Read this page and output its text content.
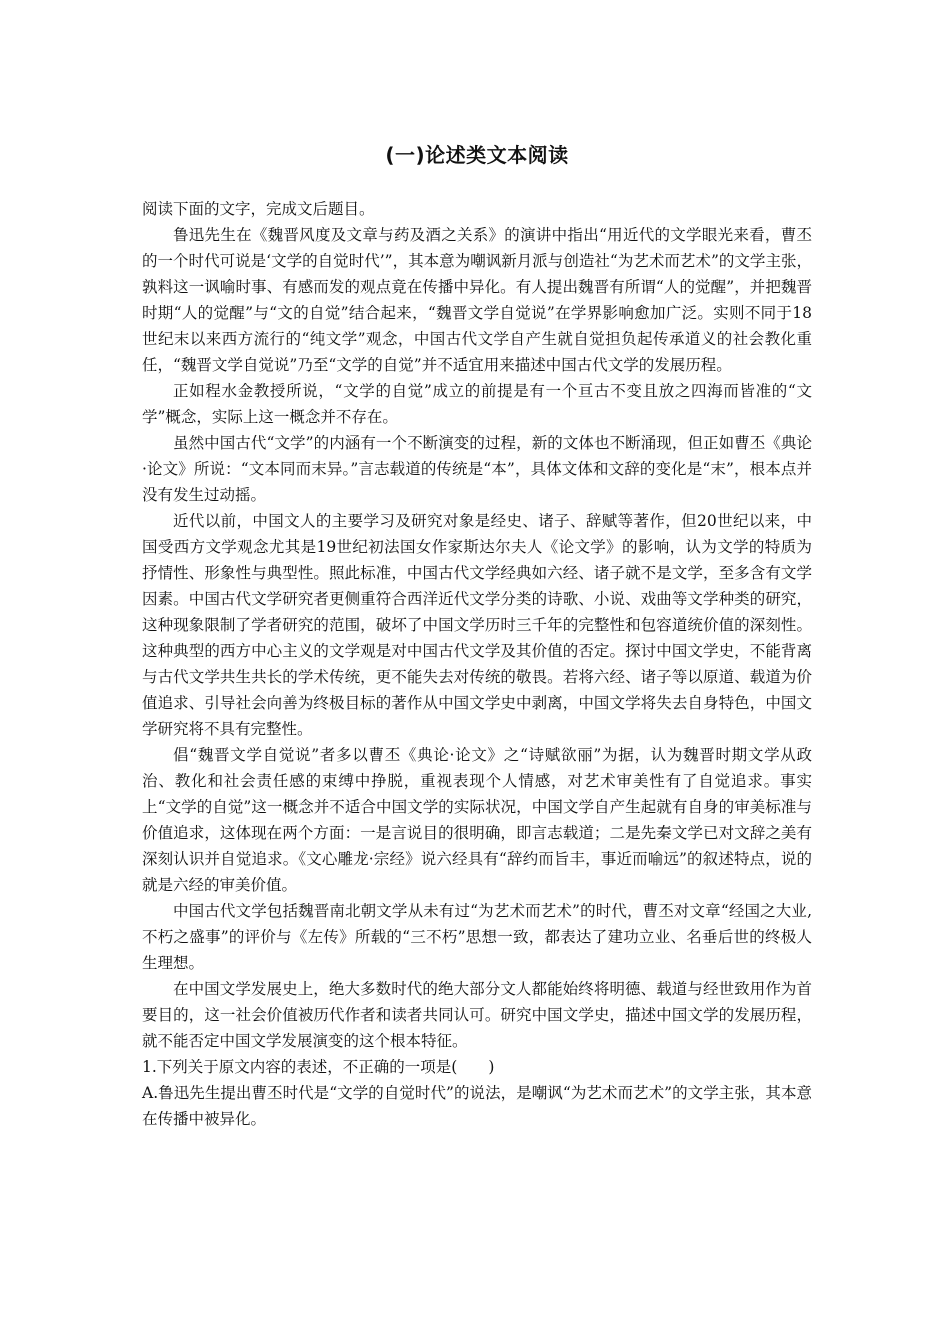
(一)论述类文本阅读

阅读下面的文字，完成文后题目。

鲁迅先生在《魏晋风度及文章与药及酒之关系》的演讲中指出“用近代的文学眼光来看，曹丕的一个时代可说是‘文学的自觉时代’”，其本意为嘲讽新月派与创造社“为艺术而艺术”的文学主张，孰料这一讽喻时事、有感而发的观点竟在传播中异化。有人提出魏晋有所谓“人的觉醒”，并把魏晋时期“人的觉醒”与“文的自觉”结合起来，“魏晋文学自觉说”在学界影响愈加广泛。实则不同于18世纪末以来西方流行的“纯文学”观念，中国古代文学自产生就自觉担负起传承道义的社会教化重任，“魏晋文学自觉说”乃至“文学的自觉”并不适宜用来描述中国古代文学的发展历程。

正如程水金教授所说，“文学的自觉”成立的前提是有一个亘古不变且放之四海而皆准的“文学”概念，实际上这一概念并不存在。

虽然中国古代“文学”的内涵有一个不断演变的过程，新的文体也不断涌现，但正如曹丕《典论·论文》所说：“文本同而末异。”言志载道的传统是“本”，具体文体和文辞的变化是“末”，根本点并没有发生过动摇。

近代以前，中国文人的主要学习及研究对象是经史、诸子、辞赋等著作，但20世纪以来，中国受西方文学观念尤其是19世纪初法国女作家斯达尔夫人《论文学》的影响，认为文学的特质为抒情性、形象性与典型性。照此标准，中国古代文学经典如六经、诸子就不是文学，至多含有文学因素。中国古代文学研究者更侧重符合西洋近代文学分类的诗歌、小说、戏曲等文学种类的研究，这种现象限制了学者研究的范围，破坏了中国文学历时三千年的完整性和包容道统价值的深刻性。这种典型的西方中心主义的文学观是对中国古代文学及其价值的否定。探讨中国文学史，不能背离与古代文学共生共长的学术传统，更不能失去对传统的敬畏。若将六经、诸子等以原道、载道为价值追求、引导社会向善为终极目标的著作从中国文学史中剥离，中国文学将失去自身特色，中国文学研究将不具有完整性。

倡“魏晋文学自觉说”者多以曹丕《典论·论文》之“诗赋欲丽”为据，认为魏晋时期文学从政治、教化和社会责任感的束缚中挣脱，重视表现个人情感，对艺术审美性有了自觉追求。事实上“文学的自觉”这一概念并不适合中国文学的实际状况，中国文学自产生起就有自身的审美标准与价值追求，这体现在两个方面：一是言说目的很明确，即言志载道；二是先秦文学已对文辞之美有深刻认识并自觉追求。《文心雕龙·宗经》说六经具有“辞约而旨丰，事近而喻远”的叙述特点，说的就是六经的审美价值。

中国古代文学包括魏晋南北朝文学从未有过“为艺术而艺术”的时代，曹丕对文章“经国之大业,不朽之盛事”的评价与《左传》所载的“三不朽”思想一致，都表达了建功立业、名垂后世的终极人生理想。

在中国文学发展史上，绝大多数时代的绝大部分文人都能始终将明德、载道与经世致用作为首要目的，这一社会价值被历代作者和读者共同认可。研究中国文学史，描述中国文学的发展历程，就不能否定中国文学发展演变的这个根本特征。

1.下列关于原文内容的表述，不正确的一项是(　　)

A.鲁迅先生提出曹丕时代是“文学的自觉时代”的说法，是嘲讽“为艺术而艺术”的文学主张，其本意在传播中被异化。
